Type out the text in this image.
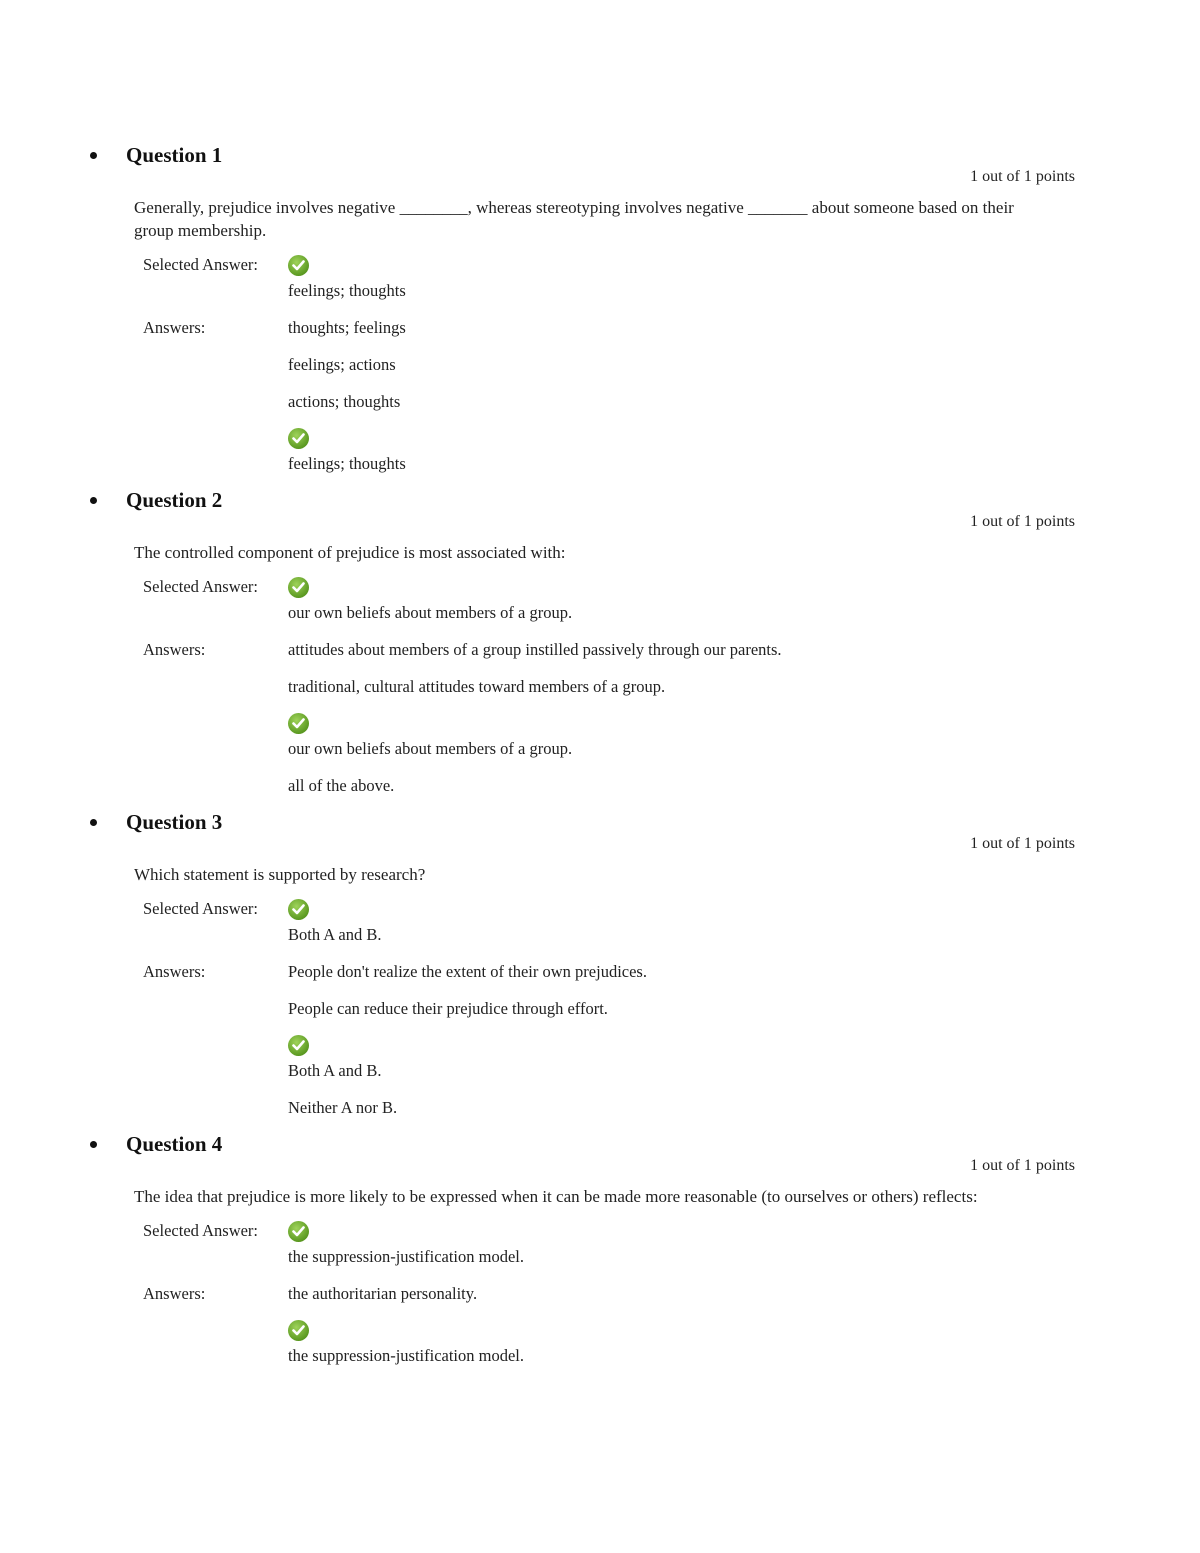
Question 1
1 out of 1 points
Generally, prejudice involves negative ________, whereas stereotyping involves negative _______ about someone based on their group membership.
Selected Answer:
feelings; thoughts
Answers:	thoughts; feelings
feelings; actions
actions; thoughts
feelings; thoughts
Question 2
1 out of 1 points
The controlled component of prejudice is most associated with:
Selected Answer:
our own beliefs about members of a group.
Answers:	attitudes about members of a group instilled passively through our parents.
traditional, cultural attitudes toward members of a group.
our own beliefs about members of a group.
all of the above.
Question 3
1 out of 1 points
Which statement is supported by research?
Selected Answer:
Both A and B.
Answers:	People don't realize the extent of their own prejudices.
People can reduce their prejudice through effort.
Both A and B.
Neither A nor B.
Question 4
1 out of 1 points
The idea that prejudice is more likely to be expressed when it can be made more reasonable (to ourselves or others) reflects:
Selected Answer:
the suppression-justification model.
Answers:	the authoritarian personality.
the suppression-justification model.
